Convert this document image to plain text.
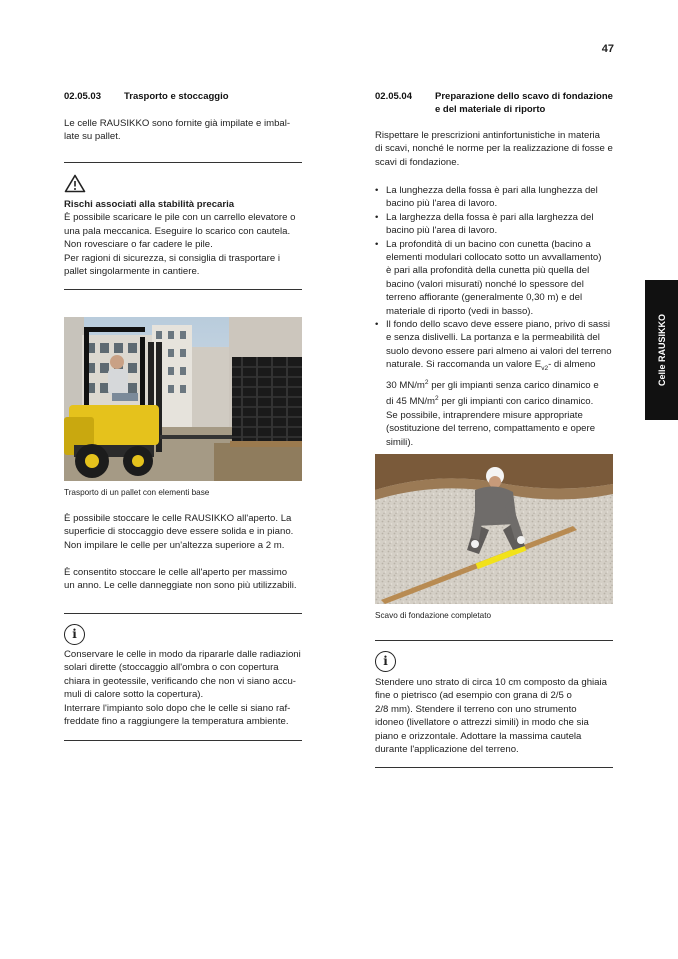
47
Celle RAUSIKKO
02.05.03 Trasporto e stoccaggio
Le celle RAUSIKKO sono fornite già impilate e imbal-
late su pallet.
Rischi associati alla stabilità precaria
È possibile scaricare le pile con un carrello elevatore o
una pala meccanica. Eseguire lo scarico con cautela.
Non rovesciare o far cadere le pile.
Per ragioni di sicurezza, si consiglia di trasportare i
pallet singolarmente in cantiere.
Trasporto di un pallet con elementi base
È possibile stoccare le celle RAUSIKKO all'aperto. La
superficie di stoccaggio deve essere solida e in piano.
Non impilare le celle per un'altezza superiore a 2 m.
È consentito stoccare le celle all'aperto per massimo
un anno. Le celle danneggiate non sono più utilizzabili.
i
Conservare le celle in modo da ripararle dalle radiazioni
solari dirette (stoccaggio all'ombra o con copertura
chiara in geotessile, verificando che non vi siano accu-
muli di calore sotto la copertura).
Interrare l'impianto solo dopo che le celle si siano raf-
freddate fino a raggiungere la temperatura ambiente.
02.05.04 Preparazione dello scavo di fondazione
e del materiale di riporto
Rispettare le prescrizioni antinfortunistiche in materia
di scavi, nonché le norme per la realizzazione di fosse e
scavi di fondazione.
• La lunghezza della fossa è pari alla lunghezza del
bacino più l'area di lavoro.
• La larghezza della fossa è pari alla larghezza del
bacino più l'area di lavoro.
• La profondità di un bacino con cunetta (bacino a
elementi modulari collocato sotto un avvallamento)
è pari alla profondità della cunetta più quella del
bacino (valori misurati) nonché lo spessore del
terreno affiorante (generalmente 0,30 m) e del
materiale di riporto (vedi in basso).
• Il fondo dello scavo deve essere piano, privo di sassi
e senza dislivelli. La portanza e la permeabilità del
suolo devono essere pari almeno ai valori del terreno
naturale. Si raccomanda un valore $E_{v2}-$ di almeno
30 $MN/m^2$ per gli impianti senza carico dinamico e
di 45 $MN/m^2$ per gli impianti con carico dinamico.
Se possibile, intraprendere misure appropriate
(sostituzione del terreno, compattamento e opere
simili).
Scavo di fondazione completato
i
Stendere uno strato di circa 10 cm composto da ghiaia
fine o pietrisco (ad esempio con grana di 2/5 o
2/8 mm). Stendere il terreno con uno strumento
idoneo (livellatore o attrezzi simili) in modo che sia
piano e orizzontale. Adottare la massima cautela
durante l'applicazione del terreno.
